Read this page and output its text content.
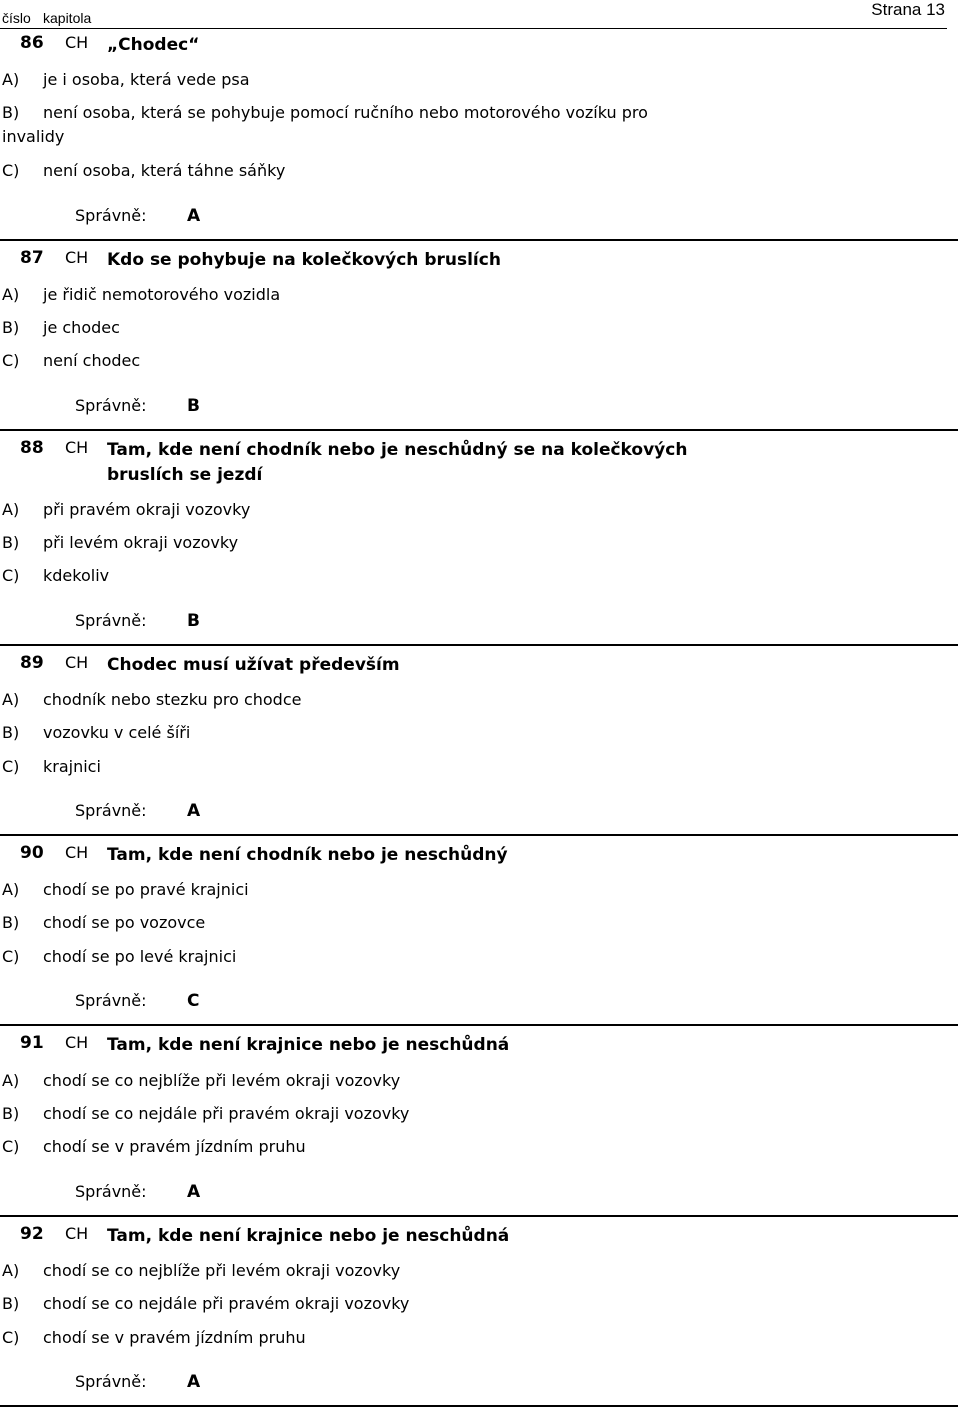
číslo kapitola	Strana 13
86 CH „Chodec“
A)	je i osoba, která vede psa
B)	není osoba, která se pohybuje pomocí ručního nebo motorového vozíku pro
invalidy
C)	není osoba, která táhne sáňky
Správně: A
87 CH Kdo se pohybuje na kolečkových bruslích
A)	je řidič nemotorového vozidla
B)	je chodec
C)	není chodec
Správně: B
88 CH Tam, kde není chodník nebo je neschůdný se na kolečkových
bruslích se jezdí
A)	při pravém okraji vozovky
B)	při levém okraji vozovky
C)	kdekoliv
Správně: B
89 CH Chodec musí užívat především
A)	chodník nebo stezku pro chodce
B)	vozovku v celé šíři
C)	krajnici
Správně: A
90 CH Tam, kde není chodník nebo je neschůdný
A)	chodí se po pravé krajnici
B)	chodí se po vozovce
C)	chodí se po levé krajnici
Správně: C
91 CH Tam, kde není krajnice nebo je neschůdná
A)	chodí se co nejblíže při levém okraji vozovky
B)	chodí se co nejdále při pravém okraji vozovky
C)	chodí se v pravém jízdním pruhu
Správně: A
92 CH Tam, kde není krajnice nebo je neschůdná
A)	chodí se co nejblíže při levém okraji vozovky
B)	chodí se co nejdále při pravém okraji vozovky
C)	chodí se v pravém jízdním pruhu
Správně: A
